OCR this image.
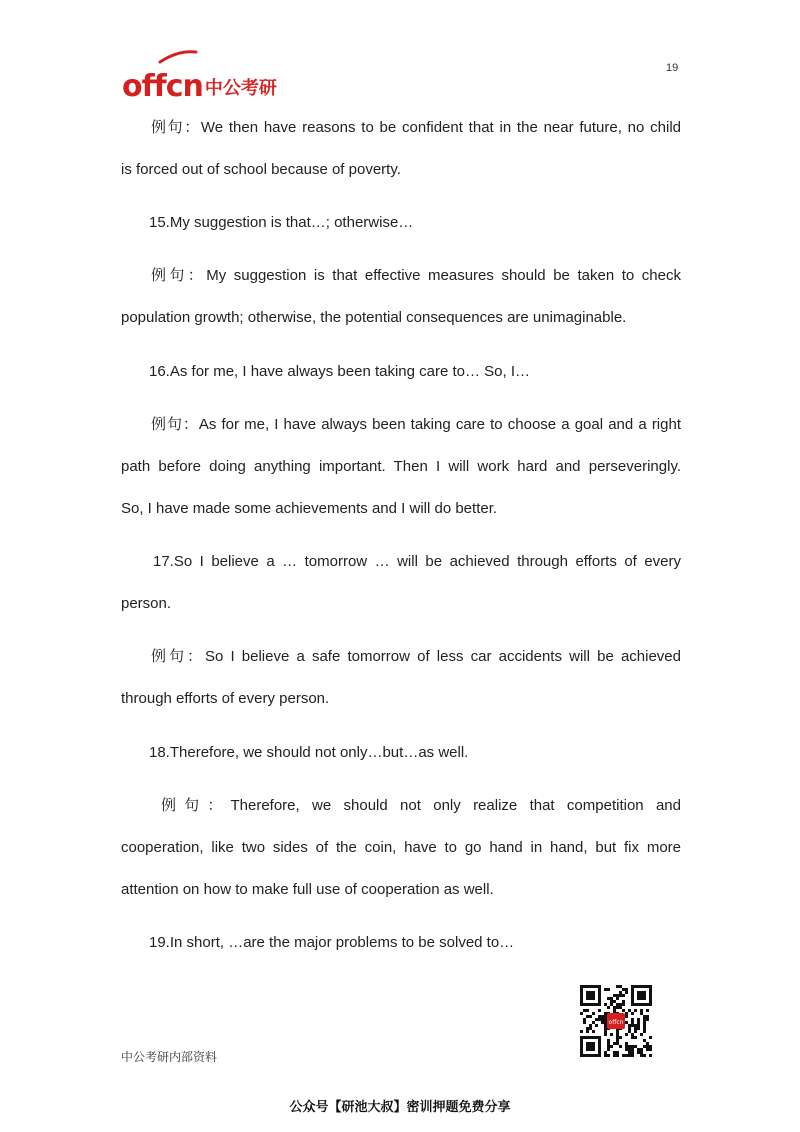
19
offcn 中公考研
例句：We then have reasons to be confident that in the near future, no child
is forced out of school because of poverty.
15.My suggestion is that…; otherwise…
例句：My suggestion is that effective measures should be taken to check
population growth; otherwise, the potential consequences are unimaginable.
16.As for me, I have always been taking care to… So, I…
例句：As for me, I have always been taking care to choose a goal and a right
path before doing anything important. Then I will work hard and perseveringly.
So, I have made some achievements and I will do better.
17.So I believe a … tomorrow … will be achieved through efforts of every
person.
例句：So I believe a safe tomorrow of less car accidents will be achieved
through efforts of every person.
18.Therefore, we should not only…but…as well.
例句：Therefore, we should not only realize that competition and
cooperation, like two sides of the coin, have to go hand in hand, but fix more
attention on how to make full use of cooperation as well.
19.In short, …are the major problems to be solved to…
offcn
中公考研内部资料
公众号【研池大叔】密训押题免费分享
